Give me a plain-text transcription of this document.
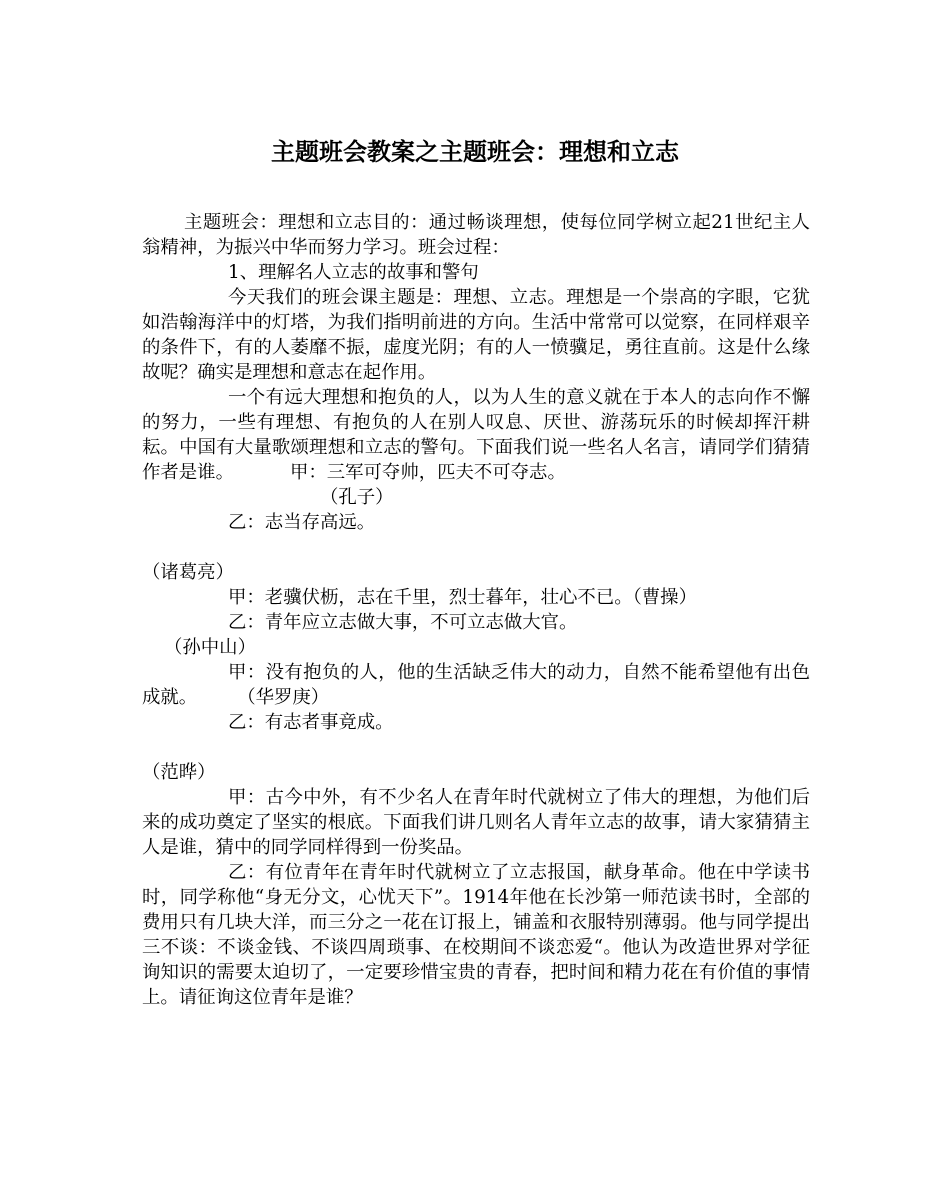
主题班会教案之主题班会：理想和立志

主题班会：理想和立志目的：通过畅谈理想，使每位同学树立起21世纪主人翁精神，为振兴中华而努力学习。班会过程：

1、理解名人立志的故事和警句

今天我们的班会课主题是：理想、立志。理想是一个崇高的字眼，它犹如浩翰海洋中的灯塔，为我们指明前进的方向。生活中常常可以觉察，在同样艰辛的条件下，有的人萎靡不振，虚度光阴；有的人一愤骥足，勇往直前。这是什么缘故呢？确实是理想和意志在起作用。

一个有远大理想和抱负的人，以为人生的意义就在于本人的志向作不懈的努力，一些有理想、有抱负的人在别人叹息、厌世、游荡玩乐的时候却挥汗耕耘。中国有大量歌颂理想和立志的警句。下面我们说一些名人名言，请同学们猜猜作者是谁。	甲：三军可夺帅，匹夫不可夺志。

（孔子）

乙：志当存高远。

（诸葛亮）

甲：老骥伏枥，志在千里，烈士暮年，壮心不已。（曹操）

乙：青年应立志做大事，不可立志做大官。

（孙中山）

甲：没有抱负的人，他的生活缺乏伟大的动力，自然不能希望他有出色成就。 （华罗庚）

乙：有志者事竟成。

（范晔）

甲：古今中外，有不少名人在青年时代就树立了伟大的理想，为他们后来的成功奠定了坚实的根底。下面我们讲几则名人青年立志的故事，请大家猜猜主人是谁，猜中的同学同样得到一份奖品。

乙：有位青年在青年时代就树立了立志报国，献身革命。他在中学读书时，同学称他“身无分文，心忧天下”。1914年他在长沙第一师范读书时，全部的费用只有几块大洋，而三分之一花在订报上，铺盖和衣服特别薄弱。他与同学提出三不谈：不谈金钱、不谈四周琐事、在校期间不谈恋爱“。他认为改造世界对学征询知识的需要太迫切了，一定要珍惜宝贵的青春，把时间和精力花在有价值的事情上。请征询这位青年是谁？
